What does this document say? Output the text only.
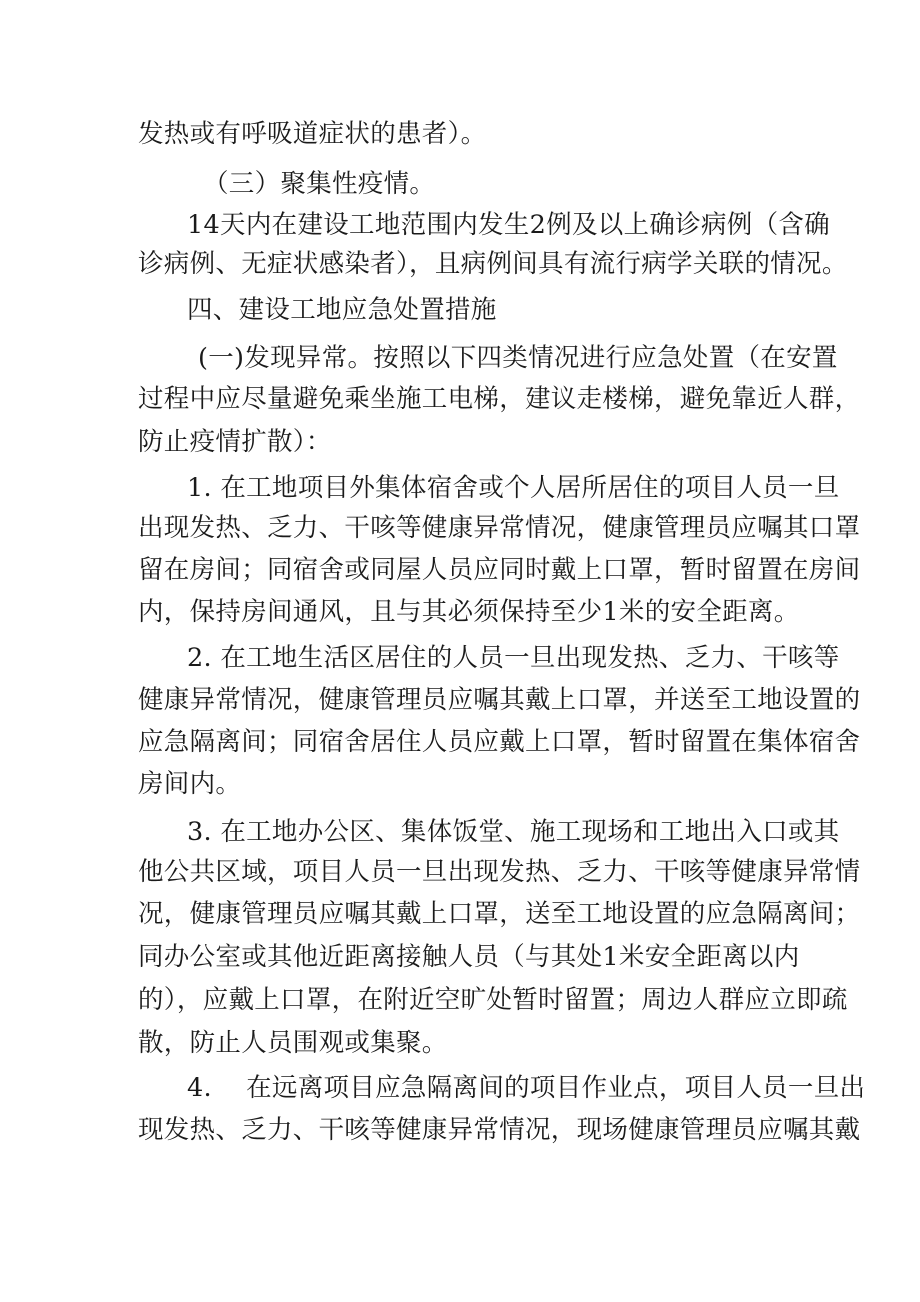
发热或有呼吸道症状的患者）。
（三）聚集性疫情。
14天内在建设工地范围内发生2例及以上确诊病例（含确
诊病例、无症状感染者），且病例间具有流行病学关联的情况。
四、建设工地应急处置措施
(一)发现异常。按照以下四类情况进行应急处置（在安置
过程中应尽量避免乘坐施工电梯，建议走楼梯，避免靠近人群，
防止疫情扩散）：
1. 在工地项目外集体宿舍或个人居所居住的项目人员一旦
出现发热、乏力、干咳等健康异常情况，健康管理员应嘱其口罩
留在房间；同宿舍或同屋人员应同时戴上口罩，暂时留置在房间
内，保持房间通风，且与其必须保持至少1米的安全距离。
2. 在工地生活区居住的人员一旦出现发热、乏力、干咳等
健康异常情况，健康管理员应嘱其戴上口罩，并送至工地设置的
应急隔离间；同宿舍居住人员应戴上口罩，暂时留置在集体宿舍
房间内。
3. 在工地办公区、集体饭堂、施工现场和工地出入口或其
他公共区域，项目人员一旦出现发热、乏力、干咳等健康异常情
况，健康管理员应嘱其戴上口罩，送至工地设置的应急隔离间；
同办公室或其他近距离接触人员（与其处1米安全距离以内
的），应戴上口罩，在附近空旷处暂时留置；周边人群应立即疏
散，防止人员围观或集聚。
4.　 在远离项目应急隔离间的项目作业点，项目人员一旦出
现发热、乏力、干咳等健康异常情况，现场健康管理员应嘱其戴
